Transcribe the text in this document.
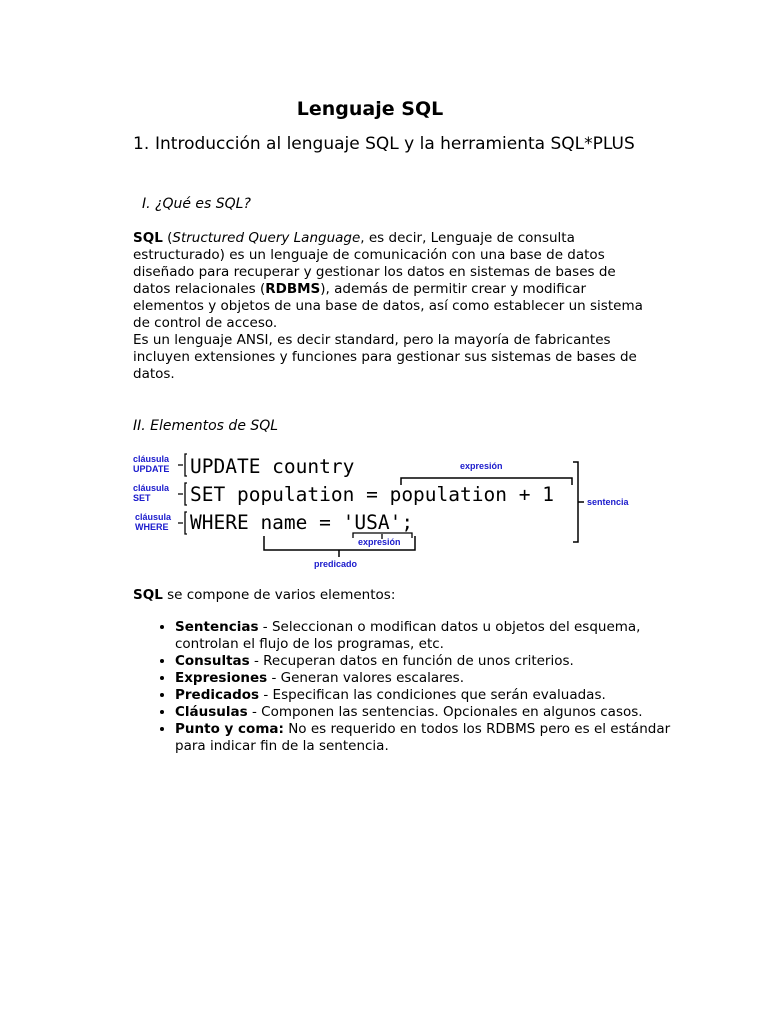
Lenguaje SQL
1. Introducción al lenguaje SQL y la herramienta SQL*PLUS
I. ¿Qué es SQL?
SQL (Structured Query Language, es decir, Lenguaje de consulta estructurado) es un lenguaje de comunicación con una base de datos diseñado para recuperar y gestionar los datos en sistemas de bases de datos relacionales (RDBMS), además de permitir crear y modificar elementos y objetos de una base de datos, así como establecer un sistema de control de acceso.
Es un lenguaje ANSI, es decir standard, pero la mayoría de fabricantes incluyen extensiones y funciones para gestionar sus sistemas de bases de datos.
II. Elementos de SQL
cláusula
UPDATE
cláusula
SET
cláusula
WHERE
UPDATE country
SET population = population + 1
WHERE name = 'USA';
expresión
sentencia
expresión
predicado
SQL se compone de varios elementos:
• Sentencias - Seleccionan o modifican datos u objetos del esquema, controlan el flujo de los programas, etc.
• Consultas - Recuperan datos en función de unos criterios.
• Expresiones - Generan valores escalares.
• Predicados - Especifican las condiciones que serán evaluadas.
• Cláusulas - Componen las sentencias. Opcionales en algunos casos.
• Punto y coma: No es requerido en todos los RDBMS pero es el estándar para indicar fin de la sentencia.
